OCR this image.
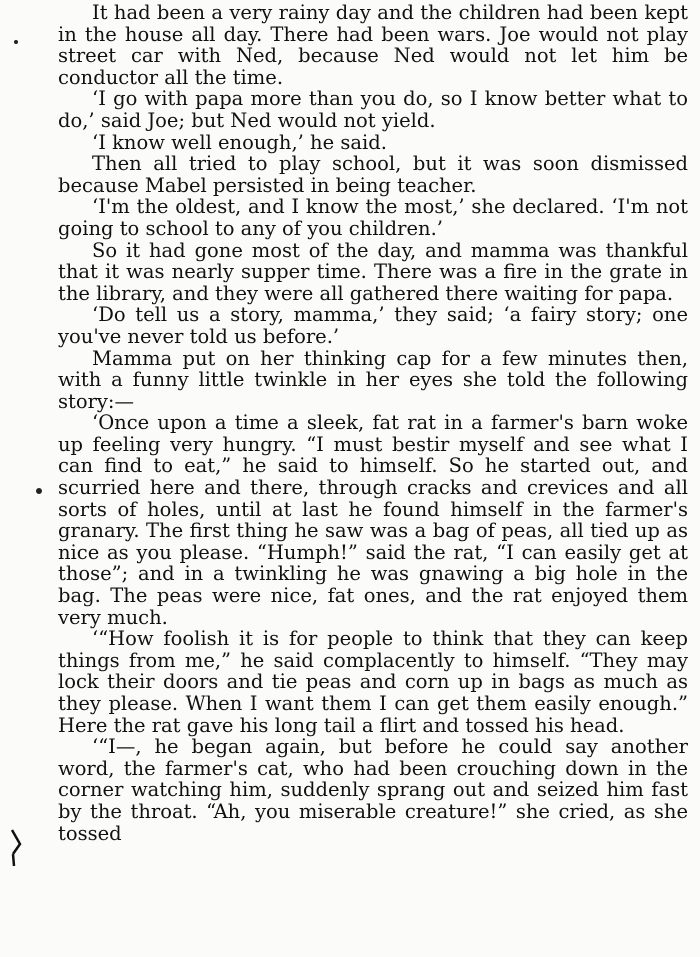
It had been a very rainy day and the children had been kept in the house all day. There had been wars. Joe would not play street car with Ned, because Ned would not let him be conductor all the time.

‘I go with papa more than you do, so I know better what to do,’ said Joe; but Ned would not yield.

‘I know well enough,’ he said.

Then all tried to play school, but it was soon dismissed because Mabel persisted in being teacher.

‘I'm the oldest, and I know the most,’ she declared. ‘I'm not going to school to any of you children.’

So it had gone most of the day, and mamma was thankful that it was nearly supper time. There was a fire in the grate in the library, and they were all gathered there waiting for papa.

‘Do tell us a story, mamma,’ they said; ‘a fairy story; one you've never told us before.’

Mamma put on her thinking cap for a few minutes then, with a funny little twinkle in her eyes she told the following story:—

‘Once upon a time a sleek, fat rat in a farmer's barn woke up feeling very hungry. “I must bestir myself and see what I can find to eat,” he said to himself. So he started out, and scurried here and there, through cracks and crevices and all sorts of holes, until at last he found himself in the farmer's granary. The first thing he saw was a bag of peas, all tied up as nice as you please. “Humph!” said the rat, “I can easily get at those”; and in a twinkling he was gnawing a big hole in the bag. The peas were nice, fat ones, and the rat enjoyed them very much.

‘“How foolish it is for people to think that they can keep things from me,” he said complacently to himself. “They may lock their doors and tie peas and corn up in bags as much as they please. When I want them I can get them easily enough.” Here the rat gave his long tail a flirt and tossed his head.

‘“I—, he began again, but before he could say another word, the farmer's cat, who had been crouching down in the corner watching him, suddenly sprang out and seized him fast by the throat. “Ah, you miserable creature!” she cried, as she tossed
